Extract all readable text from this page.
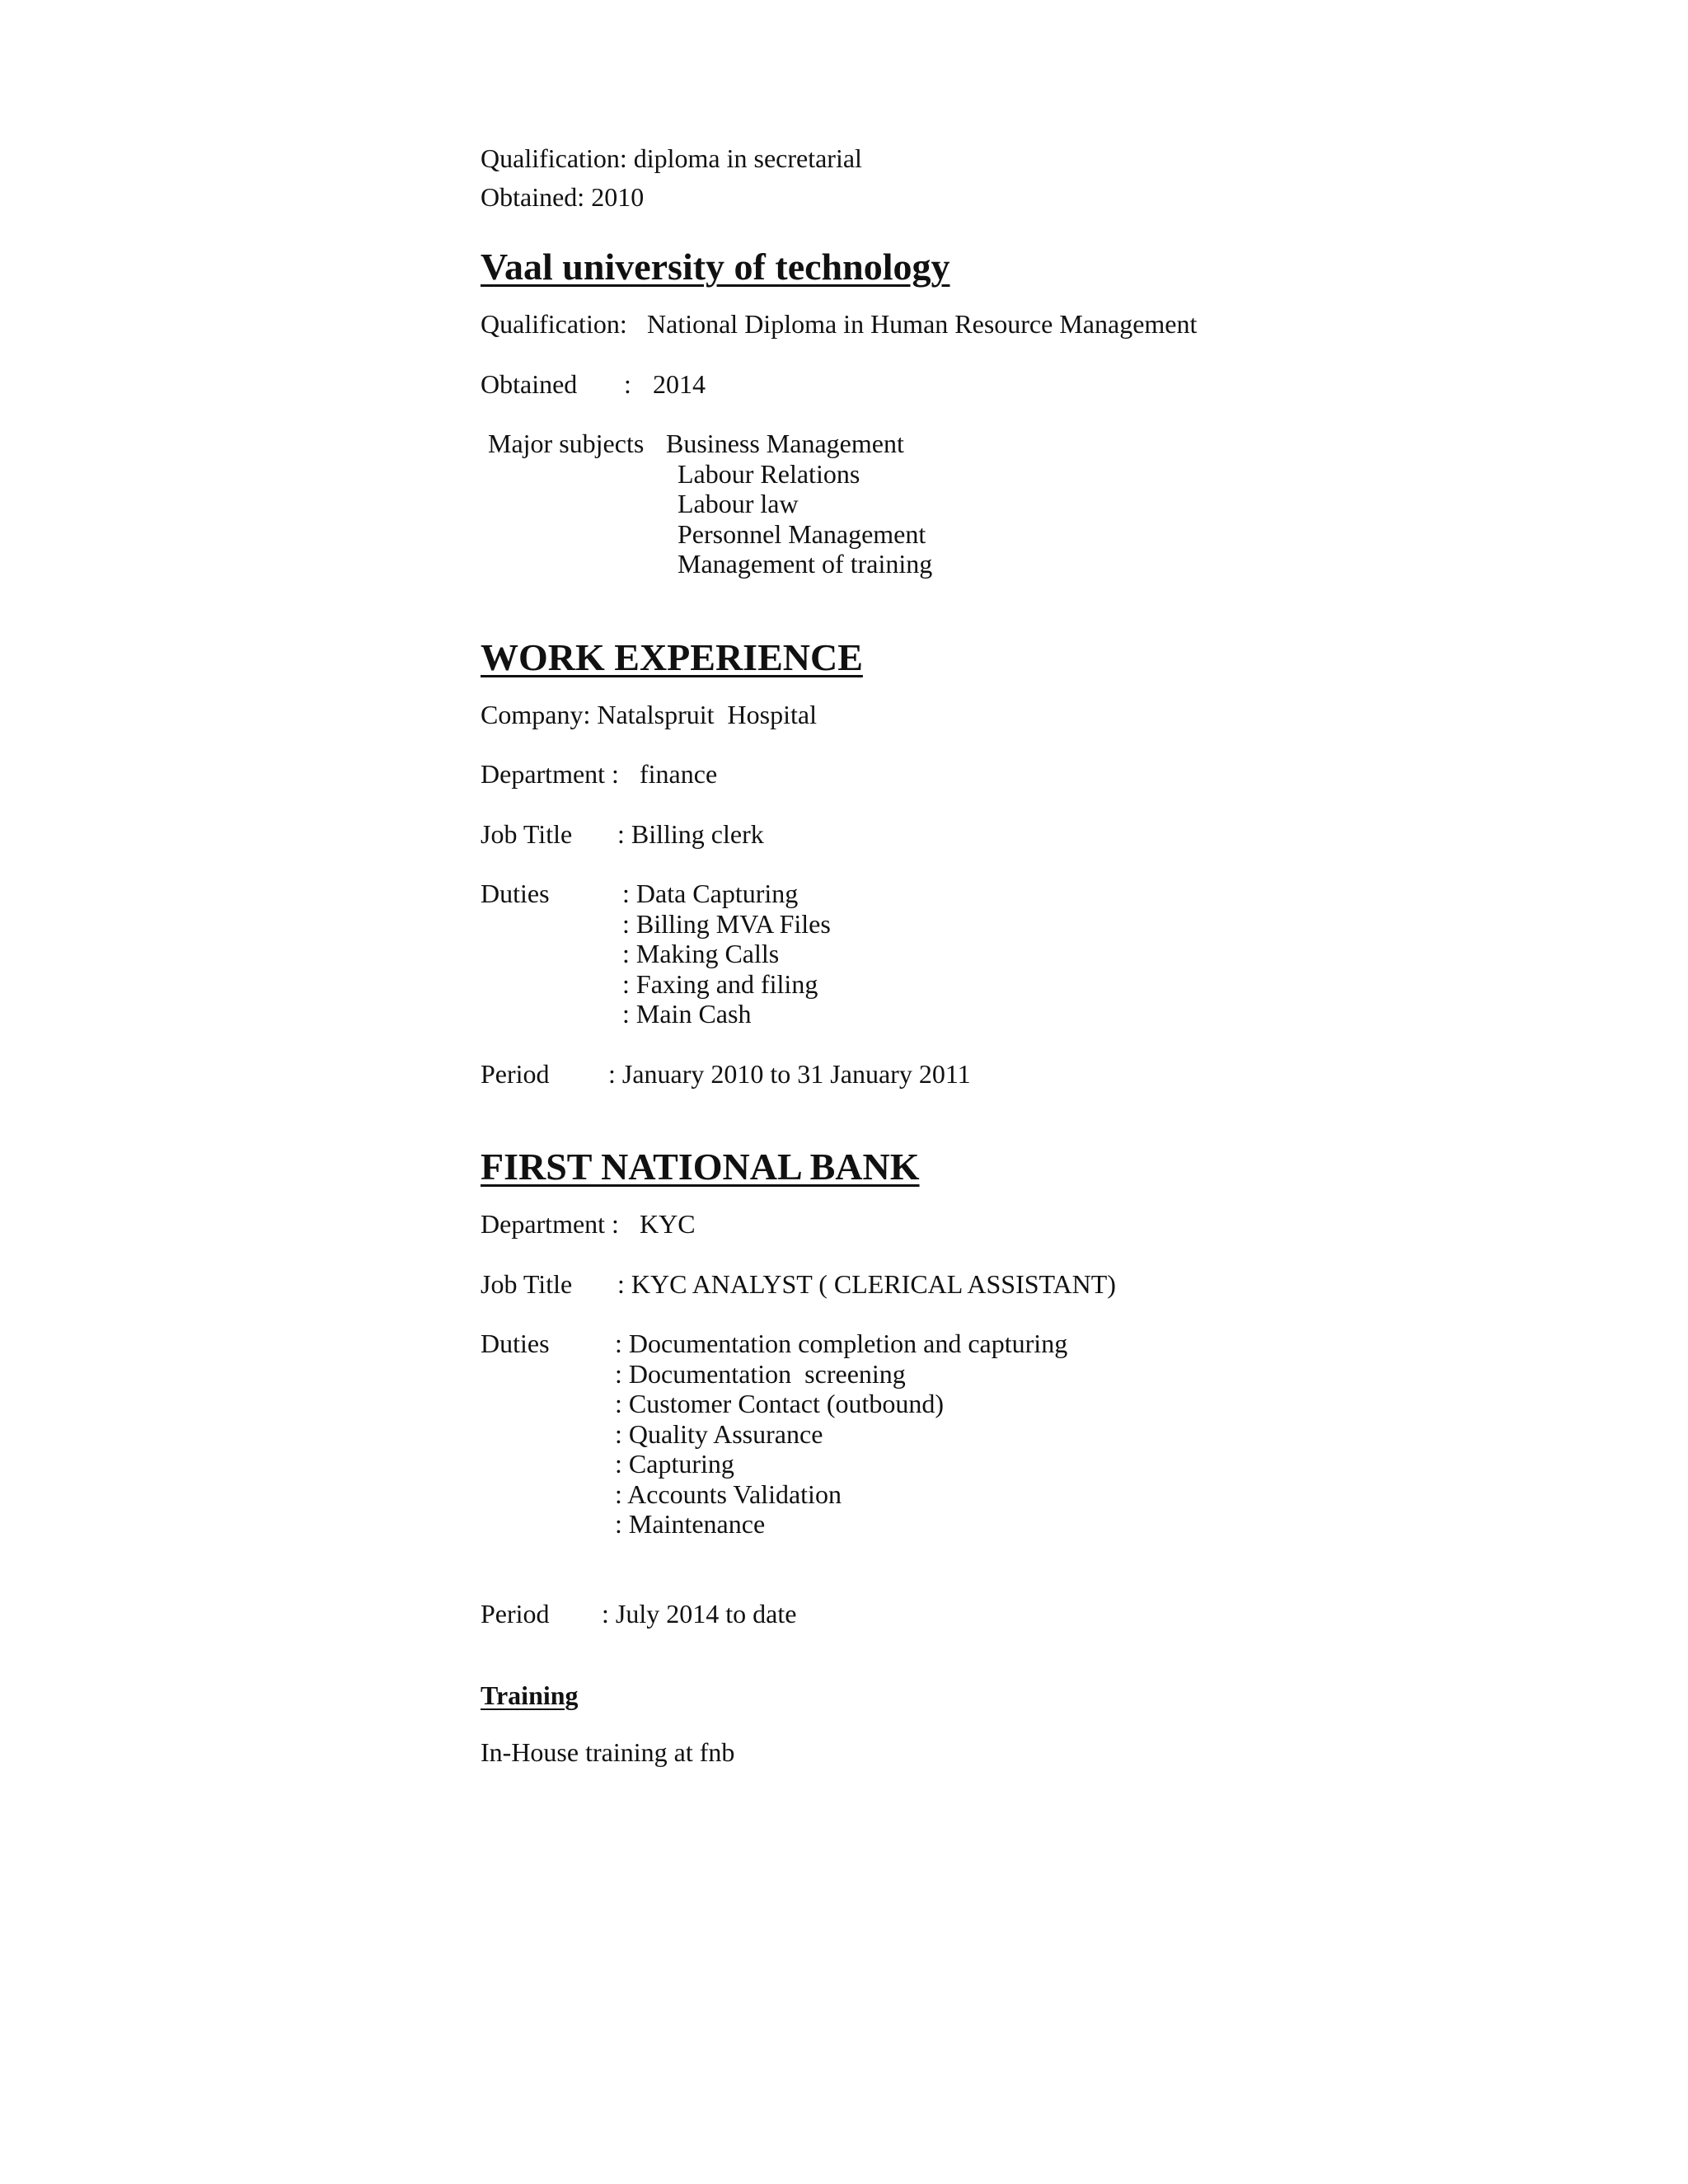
Qualification: diploma in secretarial
Obtained: 2010
Vaal university of technology
Qualification: National Diploma in Human Resource Management
Obtained	: 2014
Major subjects Business Management
Labour Relations
Labour law
Personnel Management
Management of training
WORK EXPERIENCE
Company: Natalspruit  Hospital
Department : finance
Job Title	: Billing clerk
Duties	: Data Capturing
: Billing MVA Files
: Making Calls
: Faxing and filing
: Main Cash
Period	: January 2010 to 31 January 2011
FIRST NATIONAL BANK
Department : KYC
Job Title	: KYC ANALYST ( CLERICAL ASSISTANT)
Duties	: Documentation completion and capturing
: Documentation  screening
: Customer Contact (outbound)
: Quality Assurance
: Capturing
: Accounts Validation
: Maintenance
Period	: July 2014 to date
Training
In-House training at fnb
